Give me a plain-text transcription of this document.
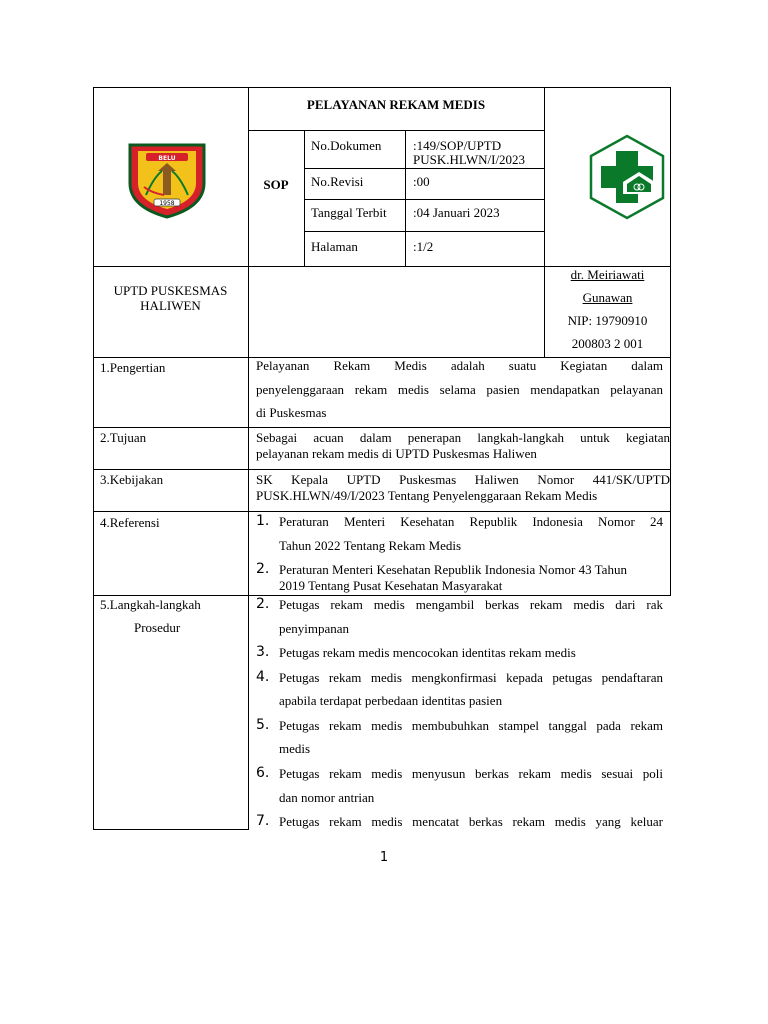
BELU
1958
PELAYANAN REKAM MEDIS
SOP
No.Dokumen :149/SOP/UPTD
PUSK.HLWN/I/2023
No.Revisi	:00
Tanggal Terbit :04 Januari 2023
Halaman	:1/2
UPTD PUSKESMAS
HALIWEN
dr. Meiriawati
Gunawan
NIP: 19790910
200803 2 001
1.Pengertian	Pelayanan Rekam Medis adalah suatu Kegiatan dalam
penyelenggaraan rekam medis selama pasien mendapatkan pelayanan
di Puskesmas
2.Tujuan	Sebagai acuan dalam penerapan langkah-langkah untuk kegiatan
pelayanan rekam medis di UPTD Puskesmas Haliwen
3.Kebijakan	SK Kepala UPTD Puskesmas Haliwen Nomor 441/SK/UPTD
PUSK.HLWN/49/I/2023 Tentang Penyelenggaraan Rekam Medis
4.Referensi	1. Peraturan Menteri Kesehatan Republik Indonesia Nomor 24
Tahun 2022 Tentang Rekam Medis
2. Peraturan Menteri Kesehatan Republik Indonesia Nomor 43 Tahun
2019 Tentang Pusat Kesehatan Masyarakat
5.Langkah-langkah
Prosedur
2. Petugas rekam medis mengambil berkas rekam medis dari rak
penyimpanan
3. Petugas rekam medis mencocokan identitas rekam medis
4. Petugas rekam medis mengkonfirmasi kepada petugas pendaftaran
apabila terdapat perbedaan identitas pasien
5. Petugas rekam medis membubuhkan stampel tanggal pada rekam
medis
6. Petugas rekam medis menyusun berkas rekam medis sesuai poli
dan nomor antrian
7. Petugas rekam medis mencatat berkas rekam medis yang keluar
1
